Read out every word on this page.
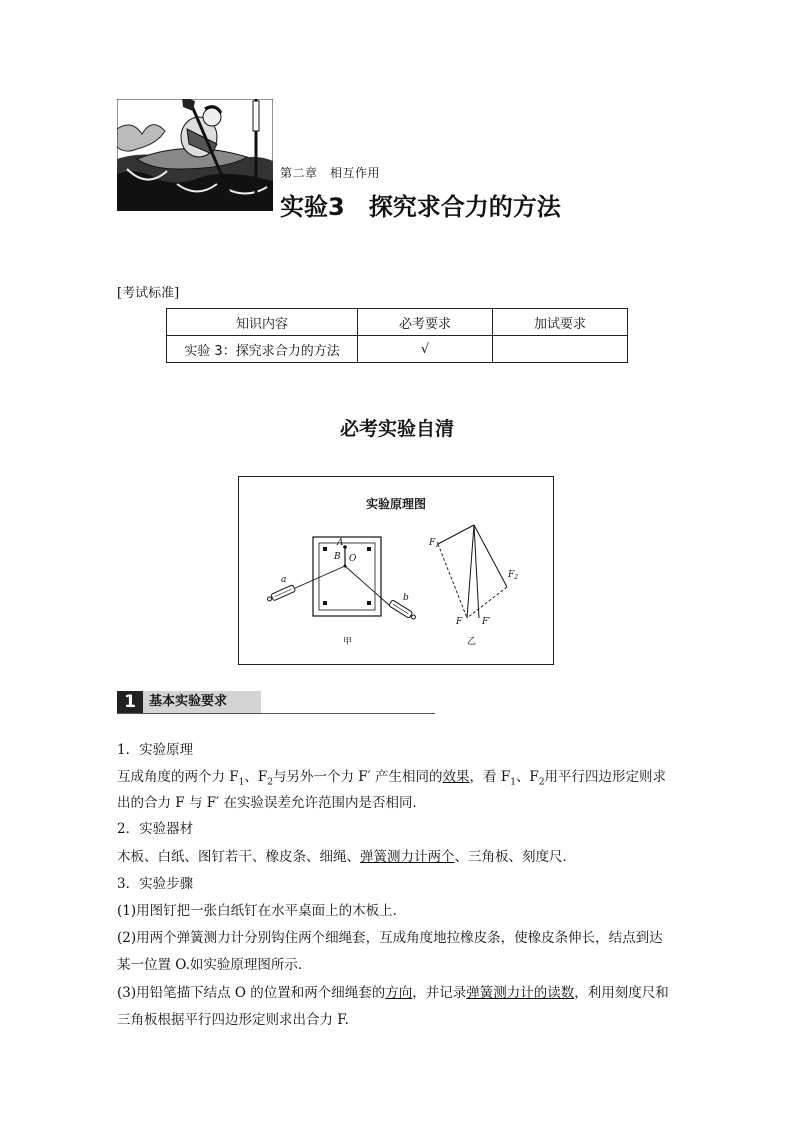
第二章　相互作用
实验3　探究求合力的方法
[考试标准]
知识内容	必考要求	加试要求
实验 3：探究求合力的方法	√	
必考实验自清
实验原理图
A
B O
a
b
甲
$F_1$
$F_2$
F F′
乙
1	基本实验要求
1．实验原理
互成角度的两个力 $F_1$、$F_2$与另外一个力 F′ 产生相同的效果，看 $F_1$、$F_2$用平行四边形定则求
出的合力 F 与 F′ 在实验误差允许范围内是否相同．
2．实验器材
木板、白纸、图钉若干、橡皮条、细绳、弹簧测力计两个、三角板、刻度尺．
3．实验步骤
(1)用图钉把一张白纸钉在水平桌面上的木板上．
(2)用两个弹簧测力计分别钩住两个细绳套，互成角度地拉橡皮条，使橡皮条伸长，结点到达
某一位置 O.如实验原理图所示．
(3)用铅笔描下结点 O 的位置和两个细绳套的方向，并记录弹簧测力计的读数，利用刻度尺和
三角板根据平行四边形定则求出合力 F.
